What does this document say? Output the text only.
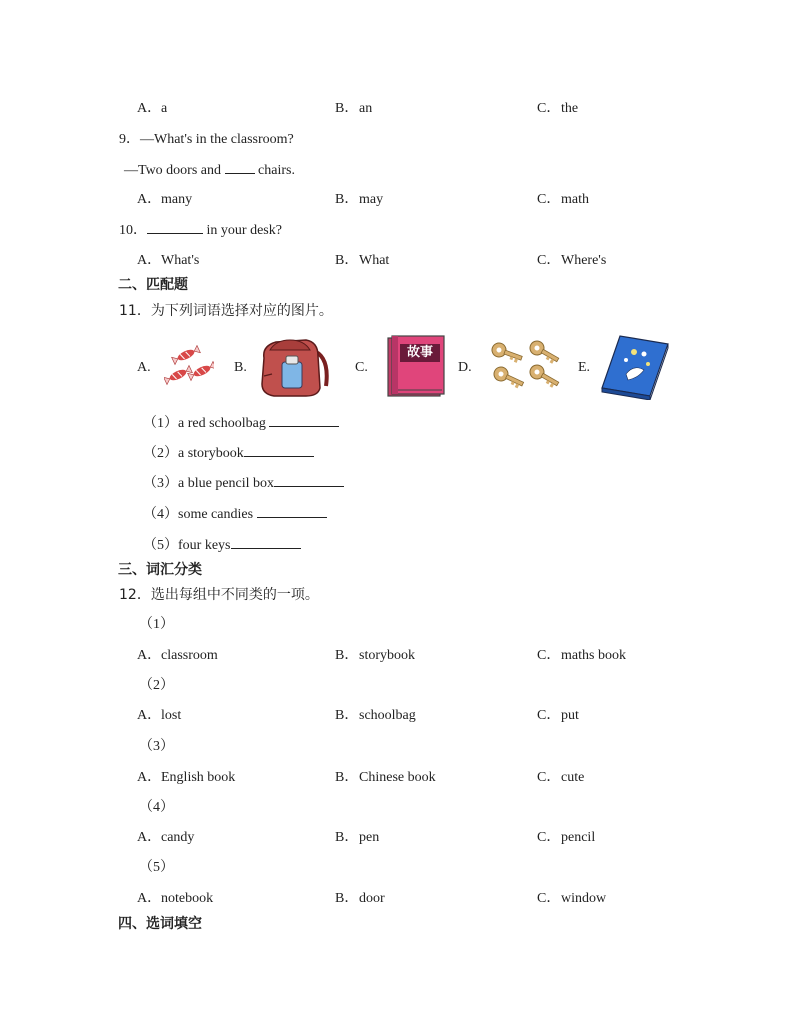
A．a	B．an	C．the
9．—What's in the classroom?
—Two doors and  chairs.
A．many	B．may	C．math
10．	in your desk?
A．What's	B．What	C．Where's
二、匹配题
11．为下列词语选择对应的图片。
A.	B.	C.
故事
D.	E.
（1）a red schoolbag
（2）a storybook
（3）a blue pencil box
（4）some candies
（5）four keys
三、词汇分类
12．选出每组中不同类的一项。
（1）
A．classroom	B．storybook	C．maths book
（2）
A．lost	B．schoolbag	C．put
（3）
A．English book	B．Chinese book	C．cute
（4）
A．candy	B．pen	C．pencil
（5）
A．notebook	B．door	C．window
四、选词填空
